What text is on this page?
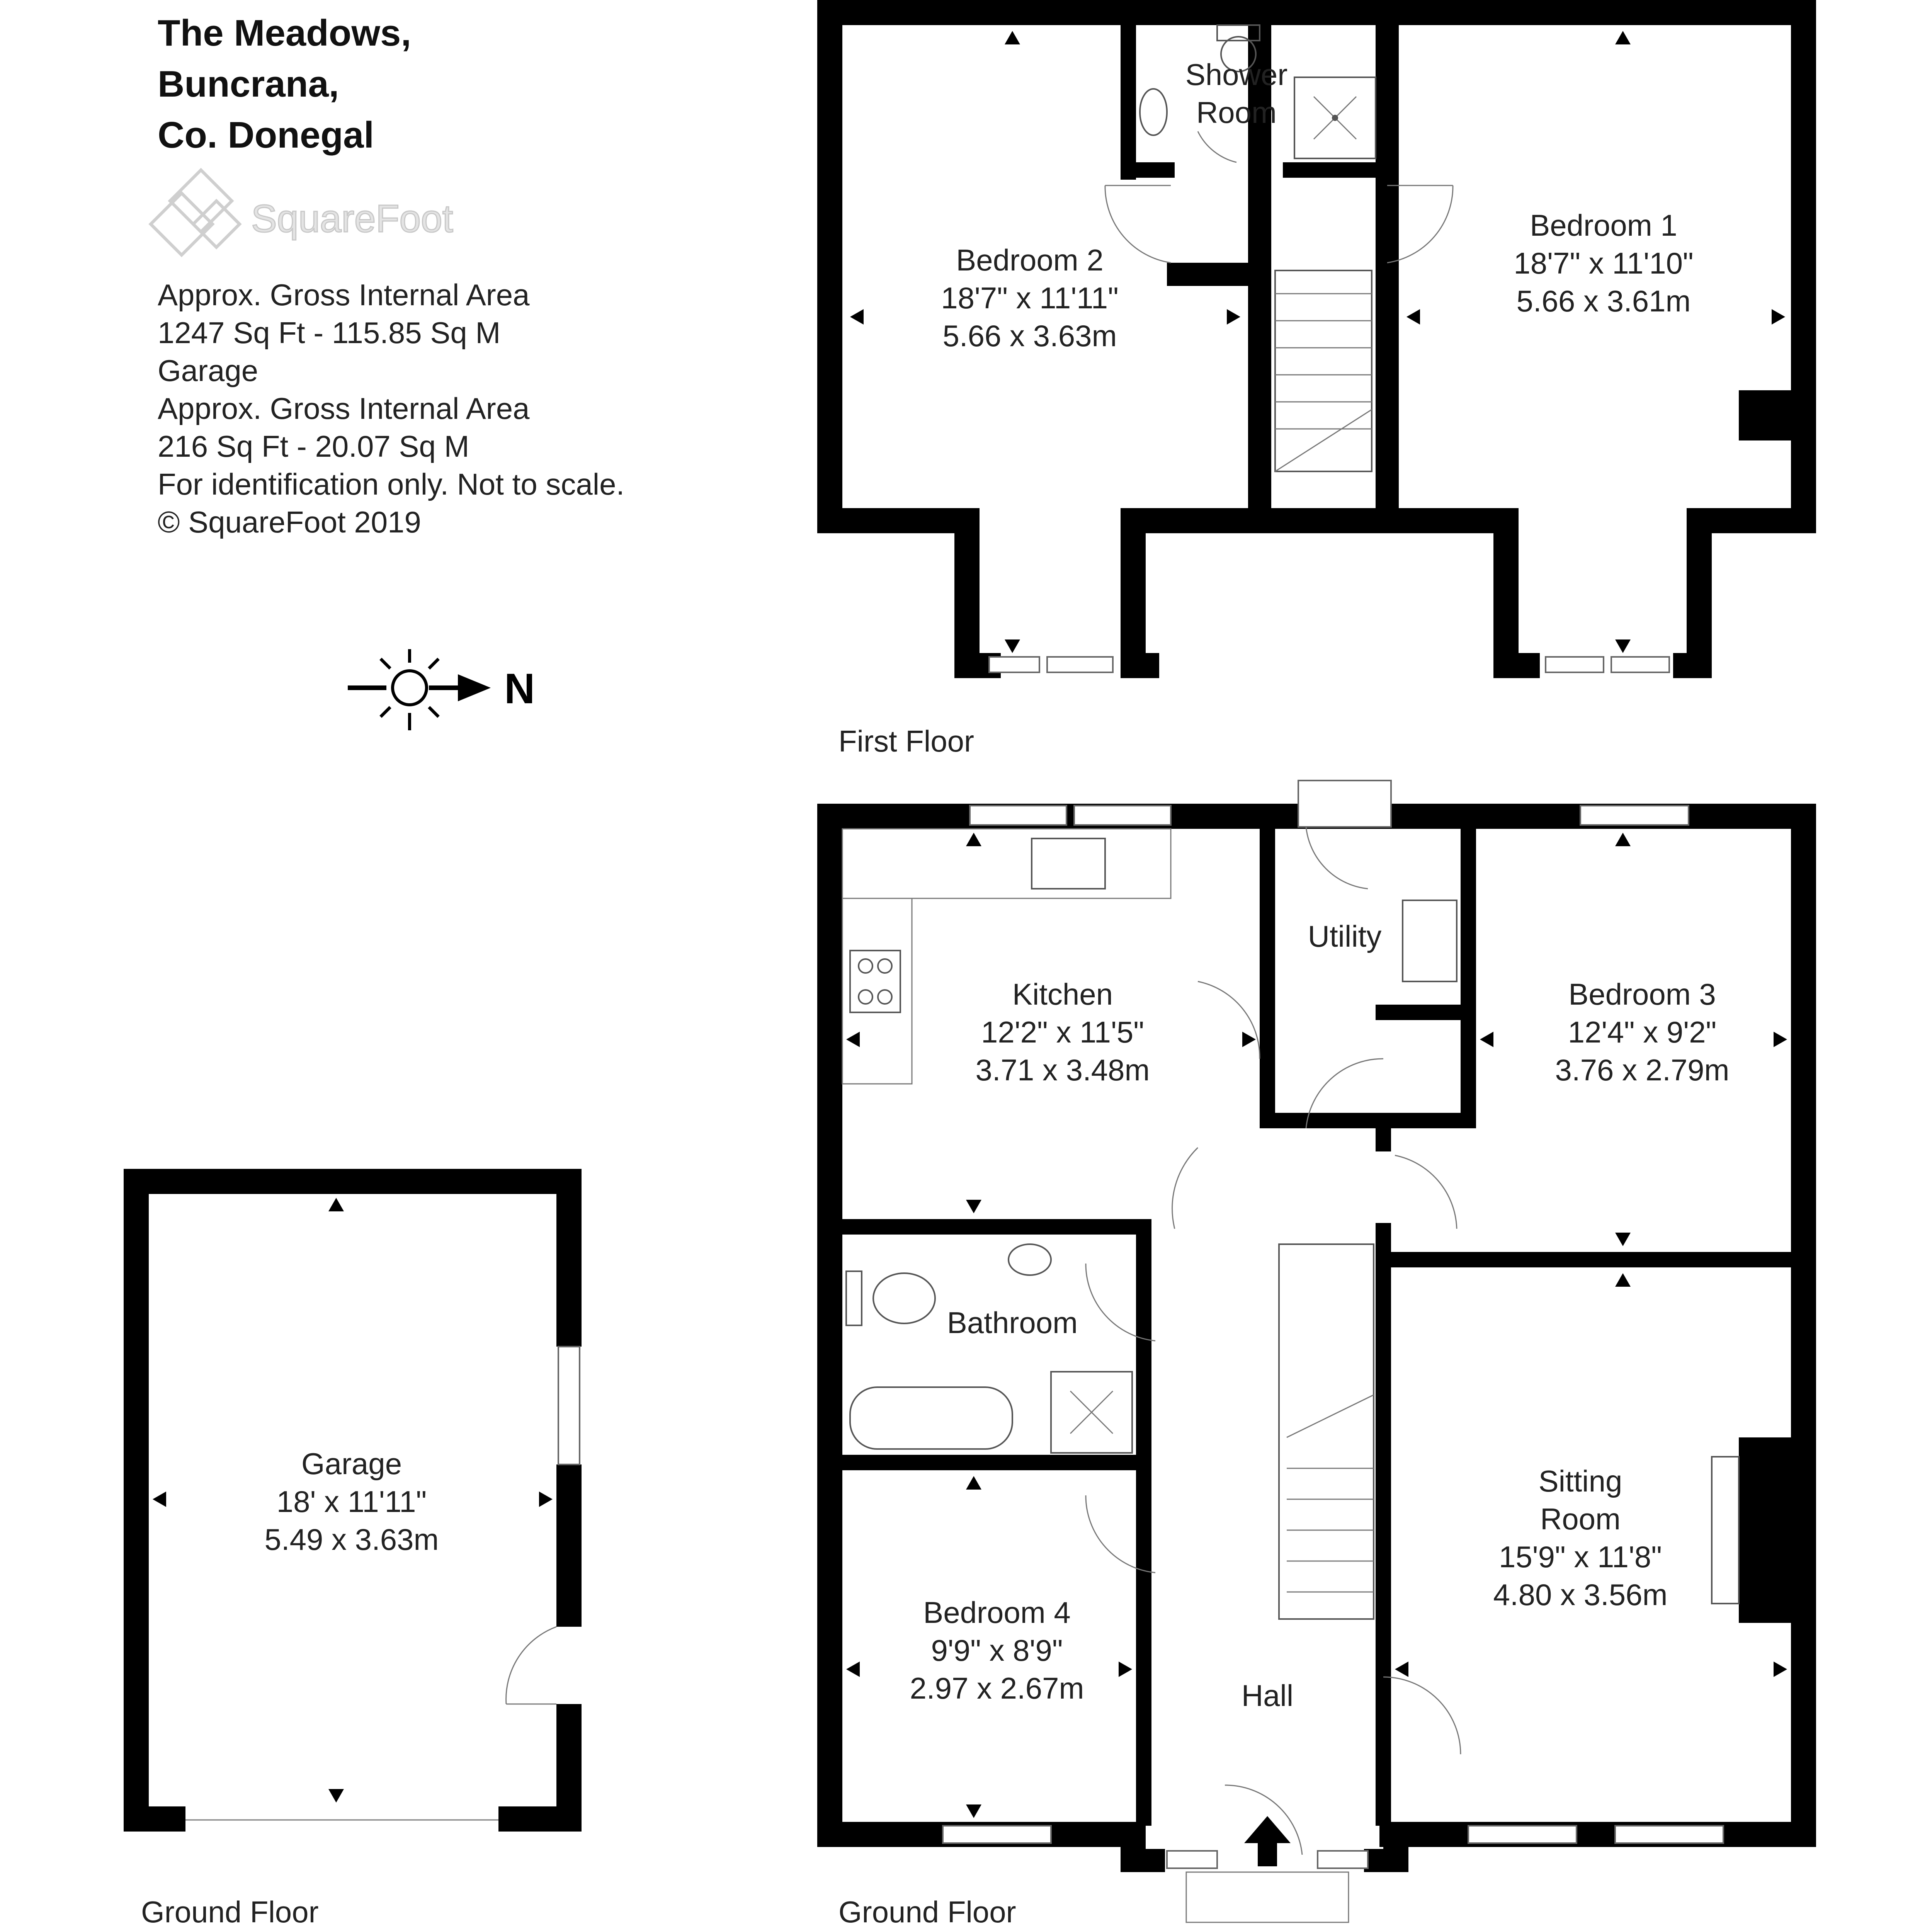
The Meadows,
Buncrana,
Co. Donegal
SquareFoot
Approx. Gross Internal Area
1247 Sq Ft - 115.85 Sq M
Garage
Approx. Gross Internal Area
216 Sq Ft - 20.07 Sq M
For identification only. Not to scale.
© SquareFoot 2019
N
Shower
Room
Bedroom 2
18'7" x 11'11"
5.66 x 3.63m
Bedroom 1
18'7" x 11'10"
5.66 x 3.61m
First Floor
Kitchen
12'2" x 11'5"
3.71 x 3.48m
Utility
Bedroom 3
12'4" x 9'2"
3.76 x 2.79m
Bathroom
Sitting
Room
15'9" x 11'8"
4.80 x 3.56m
Bedroom 4
9'9" x 8'9"
2.97 x 2.67m	Hall
Ground Floor
Garage
18' x 11'11"
5.49 x 3.63m
Ground Floor
